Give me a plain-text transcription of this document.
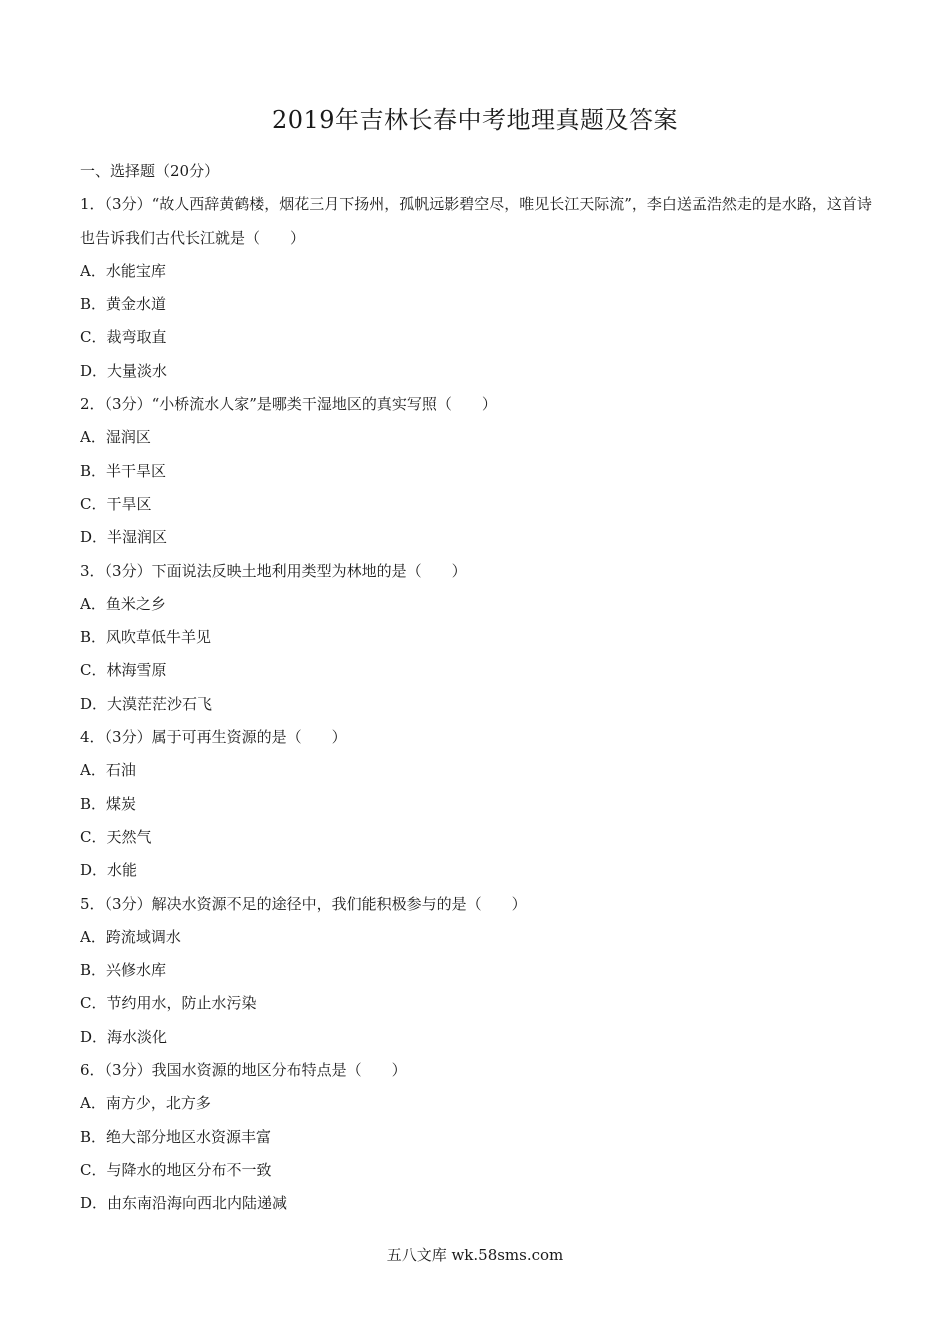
2019年吉林长春中考地理真题及答案
一、选择题（20分）
1．（3分）“故人西辞黄鹤楼，烟花三月下扬州，孤帆远影碧空尽，唯见长江天际流”，李白送孟浩然走的是水路，这首诗也告诉我们古代长江就是（　　）
A．水能宝库
B．黄金水道
C．裁弯取直
D．大量淡水
2．（3分）“小桥流水人家”是哪类干湿地区的真实写照（　　）
A．湿润区
B．半干旱区
C．干旱区
D．半湿润区
3．（3分）下面说法反映土地利用类型为林地的是（　　）
A．鱼米之乡
B．风吹草低牛羊见
C．林海雪原
D．大漠茫茫沙石飞
4．（3分）属于可再生资源的是（　　）
A．石油
B．煤炭
C．天然气
D．水能
5．（3分）解决水资源不足的途径中，我们能积极参与的是（　　）
A．跨流域调水
B．兴修水库
C．节约用水，防止水污染
D．海水淡化
6．（3分）我国水资源的地区分布特点是（　　）
A．南方少，北方多
B．绝大部分地区水资源丰富
C．与降水的地区分布不一致
D．由东南沿海向西北内陆递减
五八文库 wk.58sms.com
